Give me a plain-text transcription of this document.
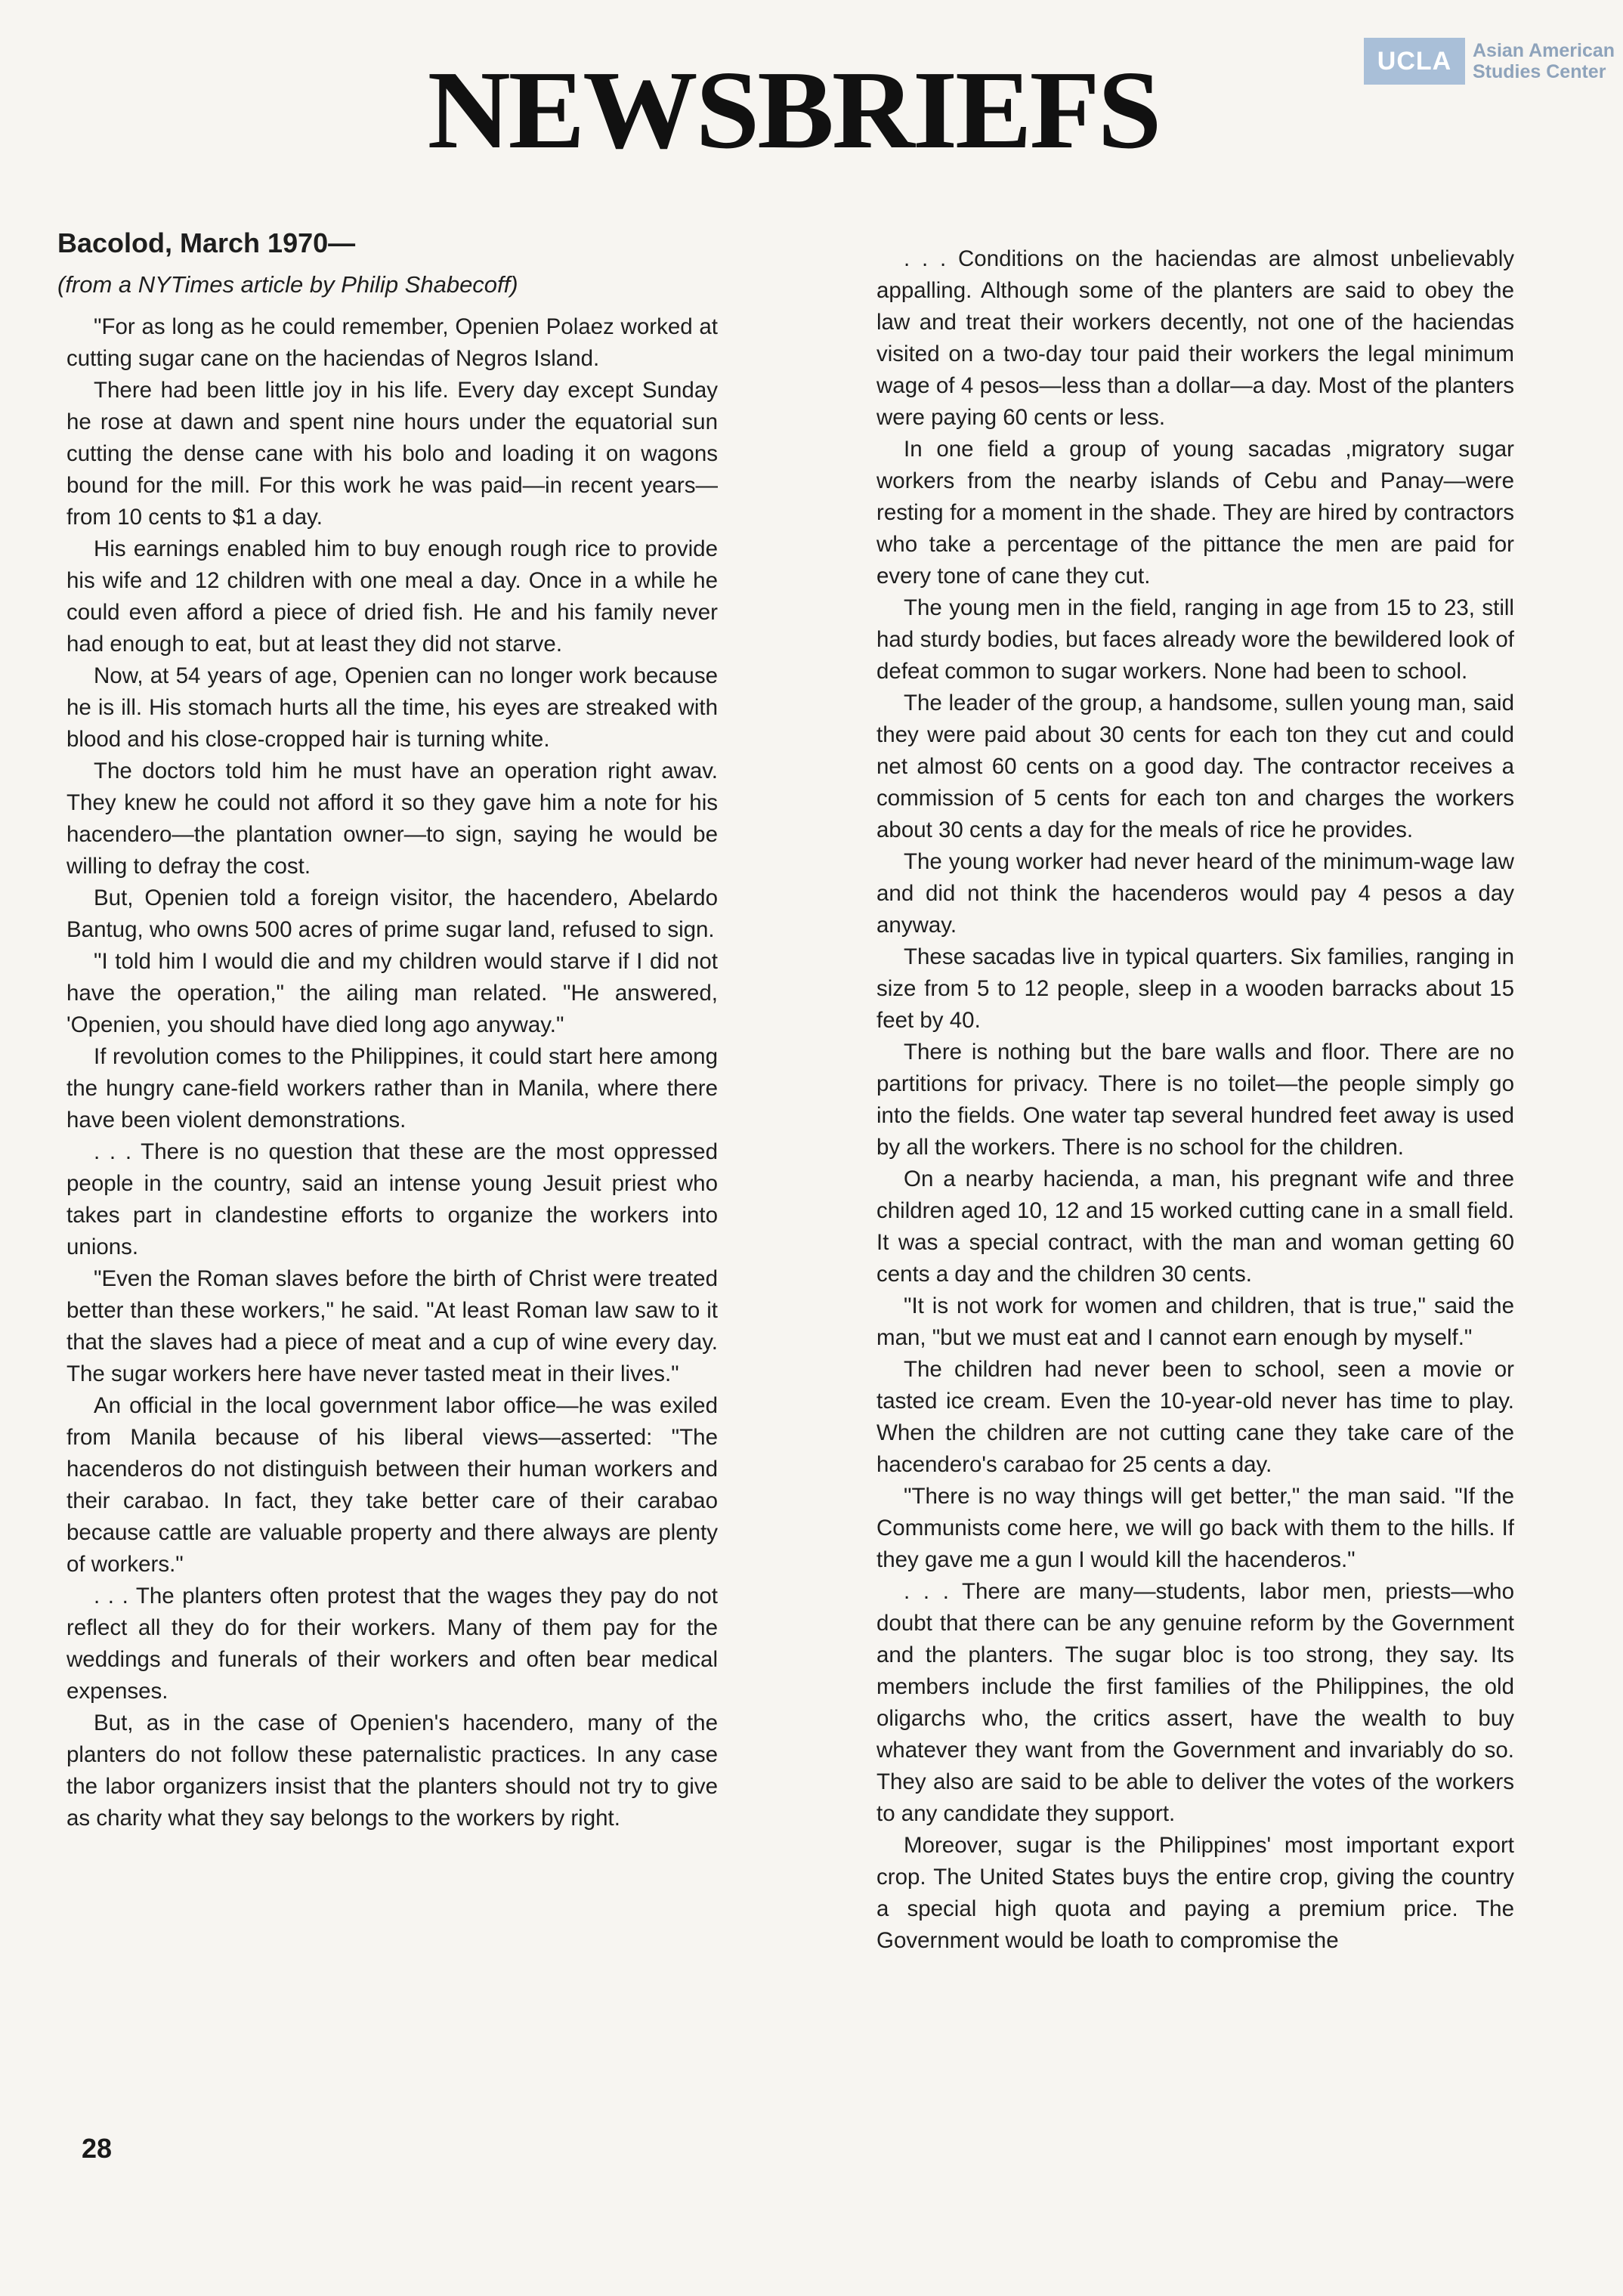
UCLA	Asian American
Studies Center
NEWSBRIEFS
Bacolod, March 1970—
(from a NYTimes article by Philip Shabecoff)

"For as long as he could remember, Openien Polaez worked at cutting sugar cane on the haciendas of Negros Island.

There had been little joy in his life. Every day except Sunday he rose at dawn and spent nine hours under the equatorial sun cutting the dense cane with his bolo and loading it on wagons bound for the mill. For this work he was paid—in recent years—from 10 cents to $1 a day.

His earnings enabled him to buy enough rough rice to provide his wife and 12 children with one meal a day. Once in a while he could even afford a piece of dried fish. He and his family never had enough to eat, but at least they did not starve.

Now, at 54 years of age, Openien can no longer work because he is ill. His stomach hurts all the time, his eyes are streaked with blood and his close-cropped hair is turning white.

The doctors told him he must have an operation right awav. They knew he could not afford it so they gave him a note for his hacendero—the plantation owner—to sign, saying he would be willing to defray the cost.

But, Openien told a foreign visitor, the hacendero, Abelardo Bantug, who owns 500 acres of prime sugar land, refused to sign.

"I told him I would die and my children would starve if I did not have the operation," the ailing man related. "He answered, 'Openien, you should have died long ago anyway."

If revolution comes to the Philippines, it could start here among the hungry cane-field workers rather than in Manila, where there have been violent demonstrations.

. . . There is no question that these are the most oppressed people in the country, said an intense young Jesuit priest who takes part in clandestine efforts to organize the workers into unions.

"Even the Roman slaves before the birth of Christ were treated better than these workers," he said. "At least Roman law saw to it that the slaves had a piece of meat and a cup of wine every day. The sugar workers here have never tasted meat in their lives."

An official in the local government labor office—he was exiled from Manila because of his liberal views—asserted: "The hacenderos do not distinguish between their human workers and their carabao. In fact, they take better care of their carabao because cattle are valuable property and there always are plenty of workers."

. . . The planters often protest that the wages they pay do not reflect all they do for their workers. Many of them pay for the weddings and funerals of their workers and often bear medical expenses.

But, as in the case of Openien's hacendero, many of the planters do not follow these paternalistic practices. In any case the labor organizers insist that the planters should not try to give as charity what they say belongs to the workers by right.

. . . Conditions on the haciendas are almost unbelievably appalling. Although some of the planters are said to obey the law and treat their workers decently, not one of the haciendas visited on a two-day tour paid their workers the legal minimum wage of 4 pesos—less than a dollar—a day. Most of the planters were paying 60 cents or less.

In one field a group of young sacadas ,migratory sugar workers from the nearby islands of Cebu and Panay—were resting for a moment in the shade. They are hired by contractors who take a percentage of the pittance the men are paid for every tone of cane they cut.

The young men in the field, ranging in age from 15 to 23, still had sturdy bodies, but faces already wore the bewildered look of defeat common to sugar workers. None had been to school.

The leader of the group, a handsome, sullen young man, said they were paid about 30 cents for each ton they cut and could net almost 60 cents on a good day. The contractor receives a commission of 5 cents for each ton and charges the workers about 30 cents a day for the meals of rice he provides.

The young worker had never heard of the minimum-wage law and did not think the hacenderos would pay 4 pesos a day anyway.

These sacadas live in typical quarters. Six families, ranging in size from 5 to 12 people, sleep in a wooden barracks about 15 feet by 40.

There is nothing but the bare walls and floor. There are no partitions for privacy. There is no toilet—the people simply go into the fields. One water tap several hundred feet away is used by all the workers. There is no school for the children.

On a nearby hacienda, a man, his pregnant wife and three children aged 10, 12 and 15 worked cutting cane in a small field. It was a special contract, with the man and woman getting 60 cents a day and the children 30 cents.

"It is not work for women and children, that is true," said the man, "but we must eat and I cannot earn enough by myself."

The children had never been to school, seen a movie or tasted ice cream. Even the 10-year-old never has time to play. When the children are not cutting cane they take care of the hacendero's carabao for 25 cents a day.

"There is no way things will get better," the man said. "If the Communists come here, we will go back with them to the hills. If they gave me a gun I would kill the hacenderos."

. . . There are many—students, labor men, priests—who doubt that there can be any genuine reform by the Government and the planters. The sugar bloc is too strong, they say. Its members include the first families of the Philippines, the old oligarchs who, the critics assert, have the wealth to buy whatever they want from the Government and invariably do so. They also are said to be able to deliver the votes of the workers to any candidate they support.

Moreover, sugar is the Philippines' most important export crop. The United States buys the entire crop, giving the country a special high quota and paying a premium price. The Government would be loath to compromise the

28
